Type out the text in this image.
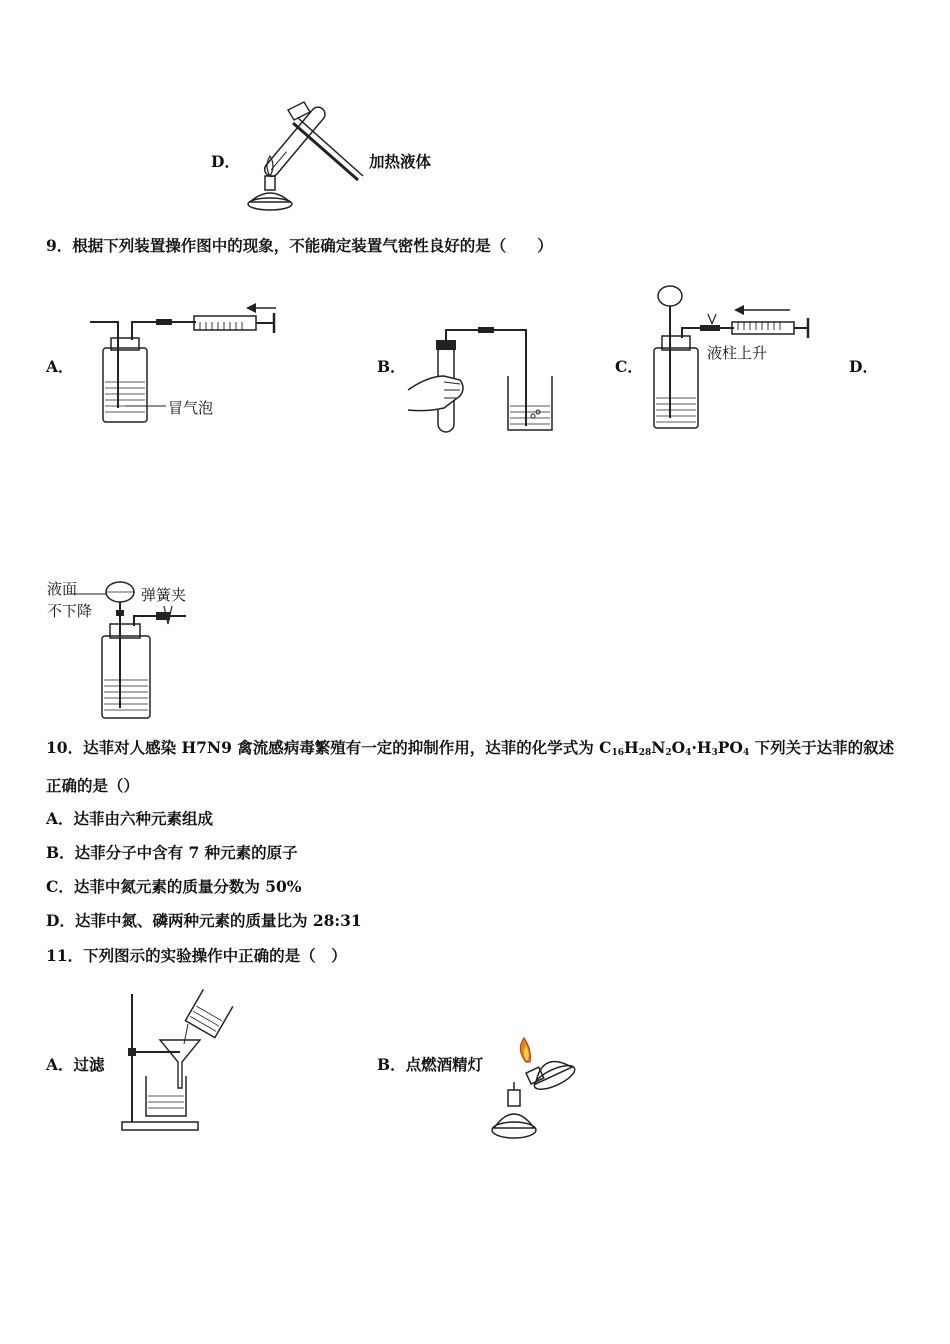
D．	加热液体
9．根据下列装置操作图中的现象，不能确定装置气密性良好的是（　　）
A．
冒气泡
B．	C．
液柱上升
D．
液面
不下降
弹簧夹
10．达菲对人感染 H7N9 禽流感病毒繁殖有一定的抑制作用，达菲的化学式为 $C_{16}H_{28}N_2O_4\cdot H_3PO_4$ 下列关于达菲的叙述
正确的是（）
A．达菲由六种元素组成
B．达菲分子中含有 7 种元素的原子
C．达菲中氮元素的质量分数为 50%
D．达菲中氮、磷两种元素的质量比为 28:31
11．下列图示的实验操作中正确的是（　）
A．过滤	B．点燃酒精灯
